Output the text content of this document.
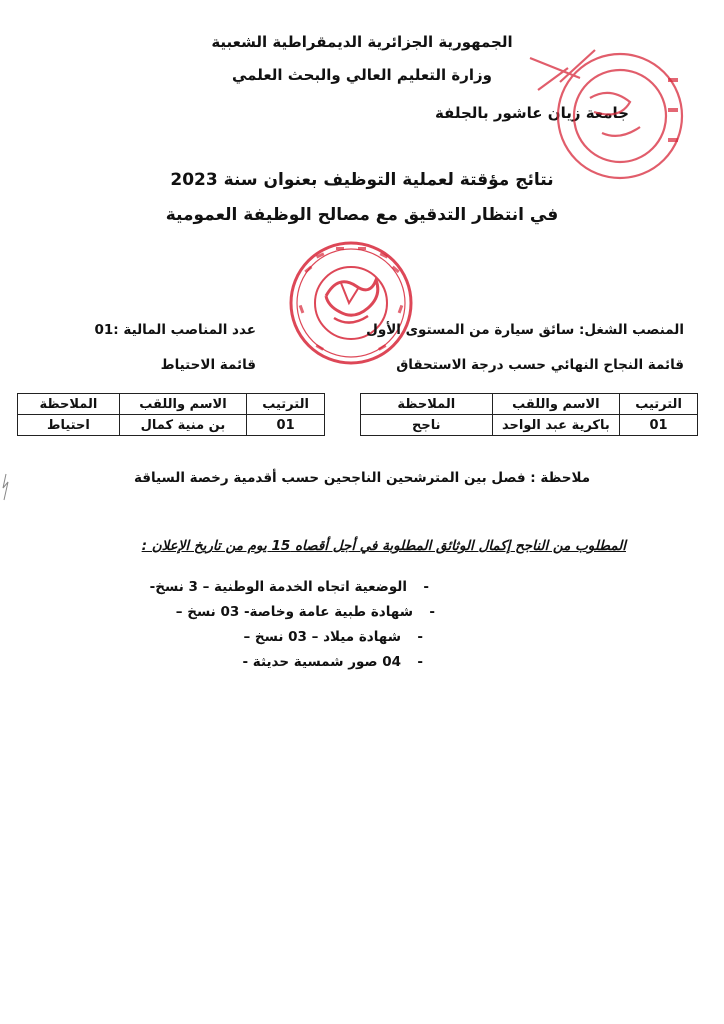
الجمهورية الجزائرية الديمقراطية الشعبية
وزارة التعليم العالي والبحث العلمي
جامعة زيان عاشور بالجلفة
نتائج مؤقتة لعملية التوظيف بعنوان سنة 2023
في انتظار التدقيق مع مصالح الوظيفة العمومية
المنصب الشغل: سائق سيارة من المستوى الأول
عدد المناصب المالية :01
قائمة النجاح النهائي حسب درجة الاستحقاق
قائمة الاحتياط
الترتيب	الاسم واللقب	الملاحظة
01	باكرية عبد الواحد	ناجح
الترتيب	الاسم واللقب	الملاحظة
01	بن منية كمال	احتياط
ملاحظة : فصل بين المترشحين الناجحين حسب أقدمية رخصة السياقة
المطلوب من الناجح إكمال الوثائق المطلوبة في أجل أقصاه 15 يوم من تاريخ الإعلان :
-الوضعية اتجاه الخدمة الوطنية – 3 نسخ-
-شهادة طبية عامة وخاصة- 03 نسخ –
-شهادة ميلاد – 03 نسخ –
-04 صور شمسية حديثة -
